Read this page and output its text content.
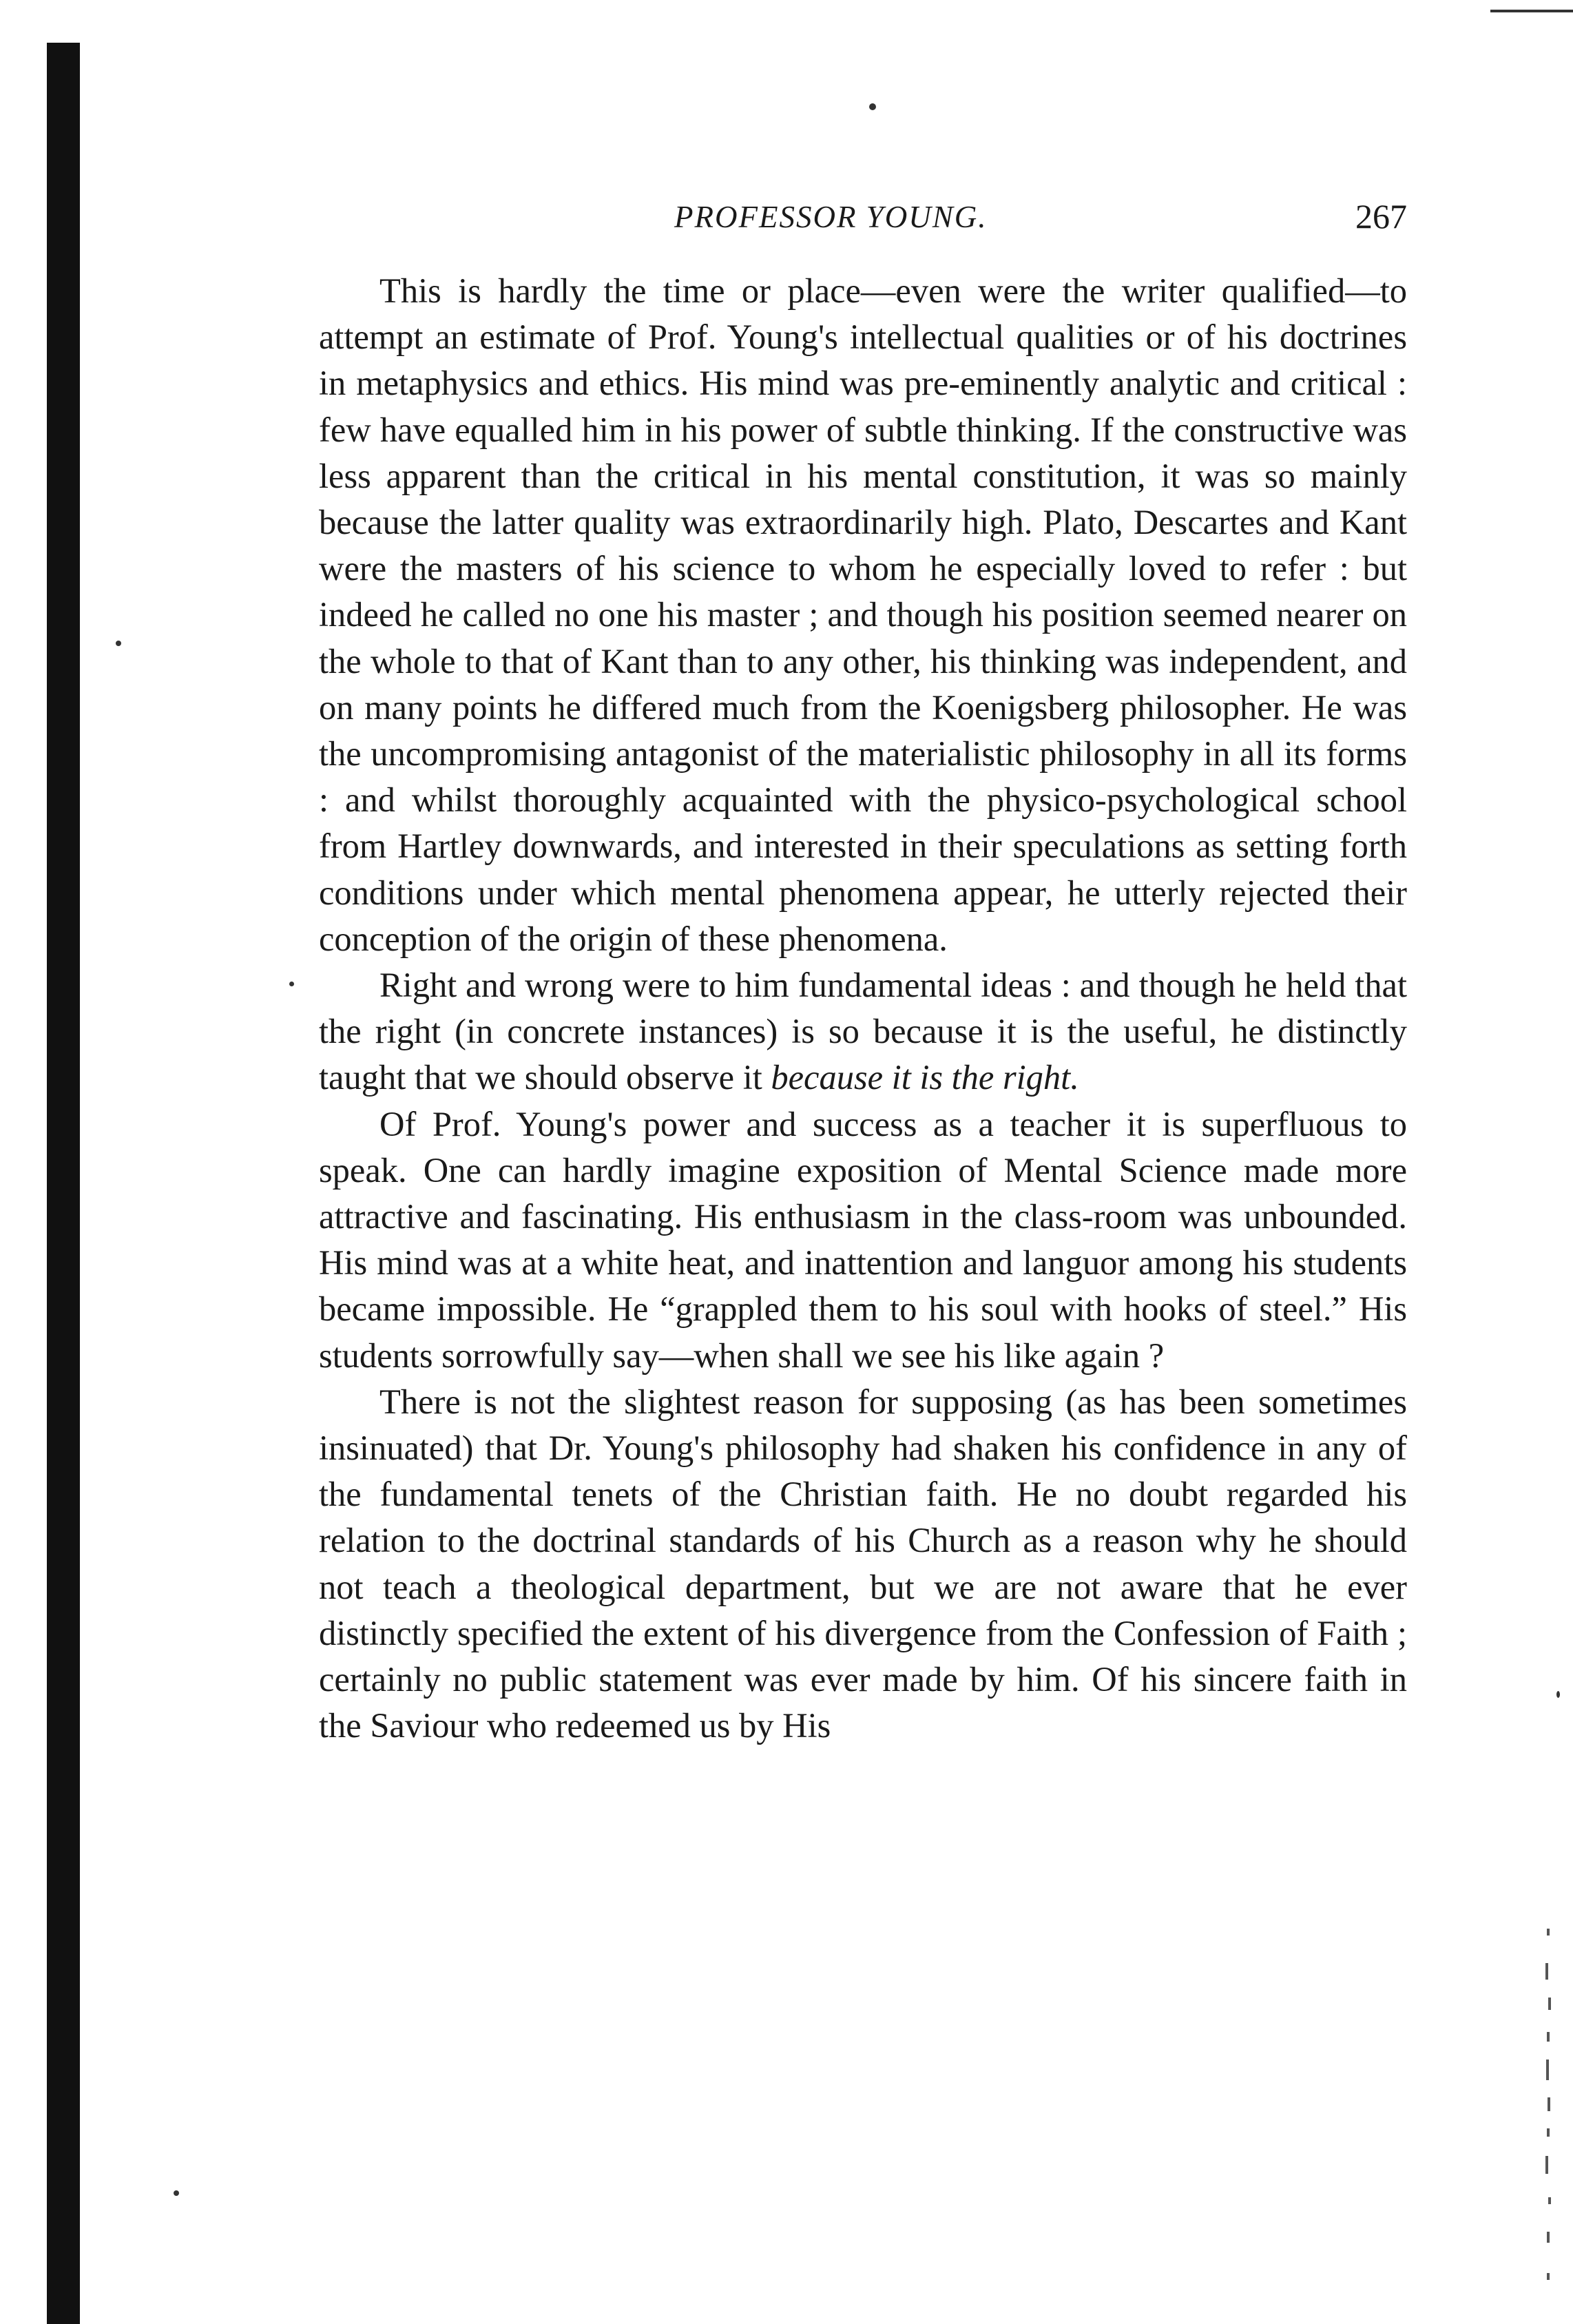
PROFESSOR YOUNG.	267

This is hardly the time or place—even were the writer qualified—to attempt an estimate of Prof. Young's intellectual qualities or of his doctrines in metaphysics and ethics. His mind was pre-eminently analytic and critical : few have equalled him in his power of subtle thinking. If the constructive was less apparent than the critical in his mental constitution, it was so mainly because the latter quality was extraordinarily high. Plato, Descartes and Kant were the masters of his science to whom he especially loved to refer : but indeed he called no one his master ; and though his position seemed nearer on the whole to that of Kant than to any other, his thinking was independent, and on many points he differed much from the Koenigsberg philosopher. He was the uncompromising antagonist of the materialistic philosophy in all its forms : and whilst thoroughly acquainted with the physico-psychological school from Hartley downwards, and interested in their speculations as setting forth conditions under which mental phenomena appear, he utterly rejected their conception of the origin of these phenomena.

Right and wrong were to him fundamental ideas : and though he held that the right (in concrete instances) is so because it is the useful, he distinctly taught that we should observe it because it is the right.

Of Prof. Young's power and success as a teacher it is superfluous to speak. One can hardly imagine exposition of Mental Science made more attractive and fascinating. His enthusiasm in the class-room was unbounded. His mind was at a white heat, and inattention and languor among his students became impossible. He “grappled them to his soul with hooks of steel.” His students sorrowfully say—when shall we see his like again ?

There is not the slightest reason for supposing (as has been sometimes insinuated) that Dr. Young's philosophy had shaken his confidence in any of the fundamental tenets of the Christian faith. He no doubt regarded his relation to the doctrinal standards of his Church as a reason why he should not teach a theological department, but we are not aware that he ever distinctly specified the extent of his divergence from the Confession of Faith ; certainly no public statement was ever made by him. Of his sincere faith in the Saviour who redeemed us by His
